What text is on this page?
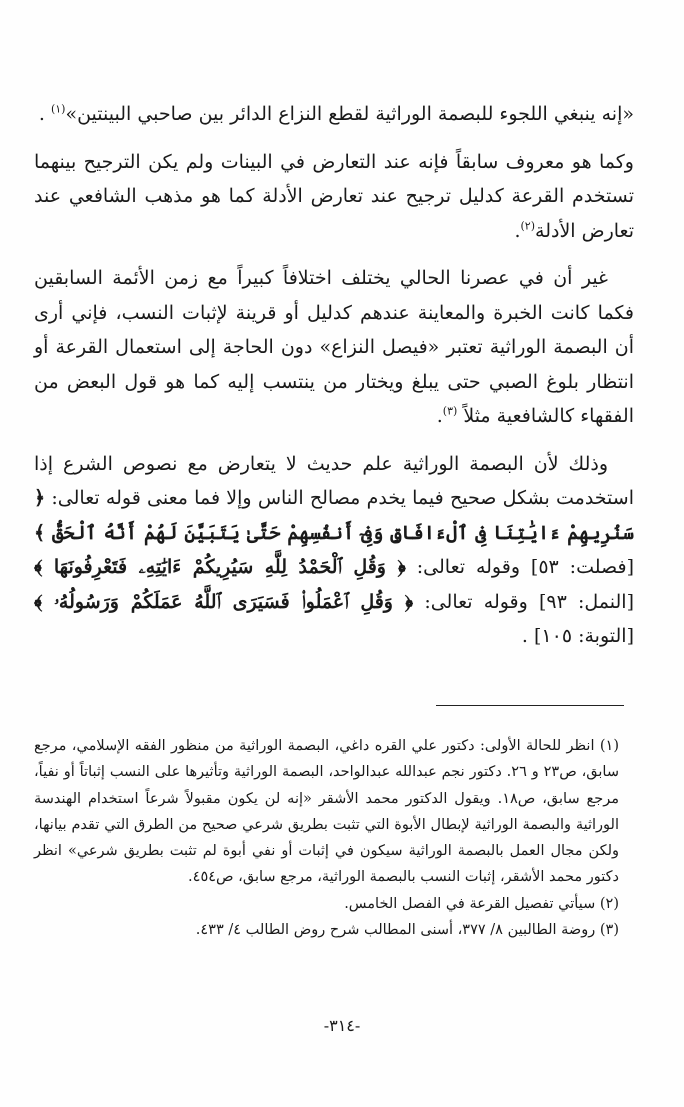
«إنه ينبغي اللجوء للبصمة الوراثية لقطع النزاع الدائر بين صاحبي البينتين»$^{(١)}$ .

وكما هو معروف سابقاً فإنه عند التعارض في البينات ولم يكن الترجيح بينهما تستخدم القرعة كدليل ترجيح عند تعارض الأدلة كما هو مذهب الشافعي عند تعارض الأدلة$^{(٢)}$.

غير أن في عصرنا الحالي يختلف اختلافاً كبيراً مع زمن الأئمة السابقين فكما كانت الخبرة والمعاينة عندهم كدليل أو قرينة لإثبات النسب، فإني أرى أن البصمة الوراثية تعتبر «فيصل النزاع» دون الحاجة إلى استعمال القرعة أو انتظار بلوغ الصبي حتى يبلغ ويختار من ينتسب إليه كما هو قول البعض من الفقهاء كالشافعية مثلاً $^{(٣)}$.

وذلك لأن البصمة الوراثية علم حديث لا يتعارض مع نصوص الشرع إذا استخدمت بشكل صحيح فيما يخدم مصالح الناس وإلا فما معنى قوله تعالى: ﴿ سَنُرِيهِمْ ءَايَٰتِنَا فِى ٱلْءَافَاقِ وَفِىٓ أَنفُسِهِمْ حَتَّىٰ يَتَبَيَّنَ لَهُمْ أَنَّهُ ٱلْحَقُّ ﴾ [فصلت: ٥٣] وقوله تعالى: ﴿ وَقُلِ ٱلْحَمْدُ لِلَّهِ سَيُرِيكُمْ ءَايَٰتِهِۦ فَتَعْرِفُونَهَا ﴾ [النمل: ٩٣] وقوله تعالى: ﴿ وَقُلِ ٱعْمَلُوا۟ فَسَيَرَى ٱللَّهُ عَمَلَكُمْ وَرَسُولُهُۥ ﴾ [التوبة: ١٠٥] .

(١) انظر للحالة الأولى: دكتور علي القره داغي، البصمة الوراثية من منظور الفقه الإسلامي، مرجع سابق، ص٢٣ و ٢٦. دكتور نجم عبدالله عبدالواحد، البصمة الوراثية وتأثيرها على النسب إثباتاً أو نفياً، مرجع سابق، ص١٨. ويقول الدكتور محمد الأشقر «إنه لن يكون مقبولاً شرعاً استخدام الهندسة الوراثية والبصمة الوراثية لإبطال الأبوة التي تثبت بطريق شرعي صحيح من الطرق التي تقدم بيانها، ولكن مجال العمل بالبصمة الوراثية سيكون في إثبات أو نفي أبوة لم تثبت بطريق شرعي» انظر دكتور محمد الأشقر، إثبات النسب بالبصمة الوراثية، مرجع سابق، ص٤٥٤.

(٢) سيأتي تفصيل القرعة في الفصل الخامس.

(٣) روضة الطالبين ٨/ ٣٧٧، أسنى المطالب شرح روض الطالب ٤/ ٤٣٣.

-٣١٤-
